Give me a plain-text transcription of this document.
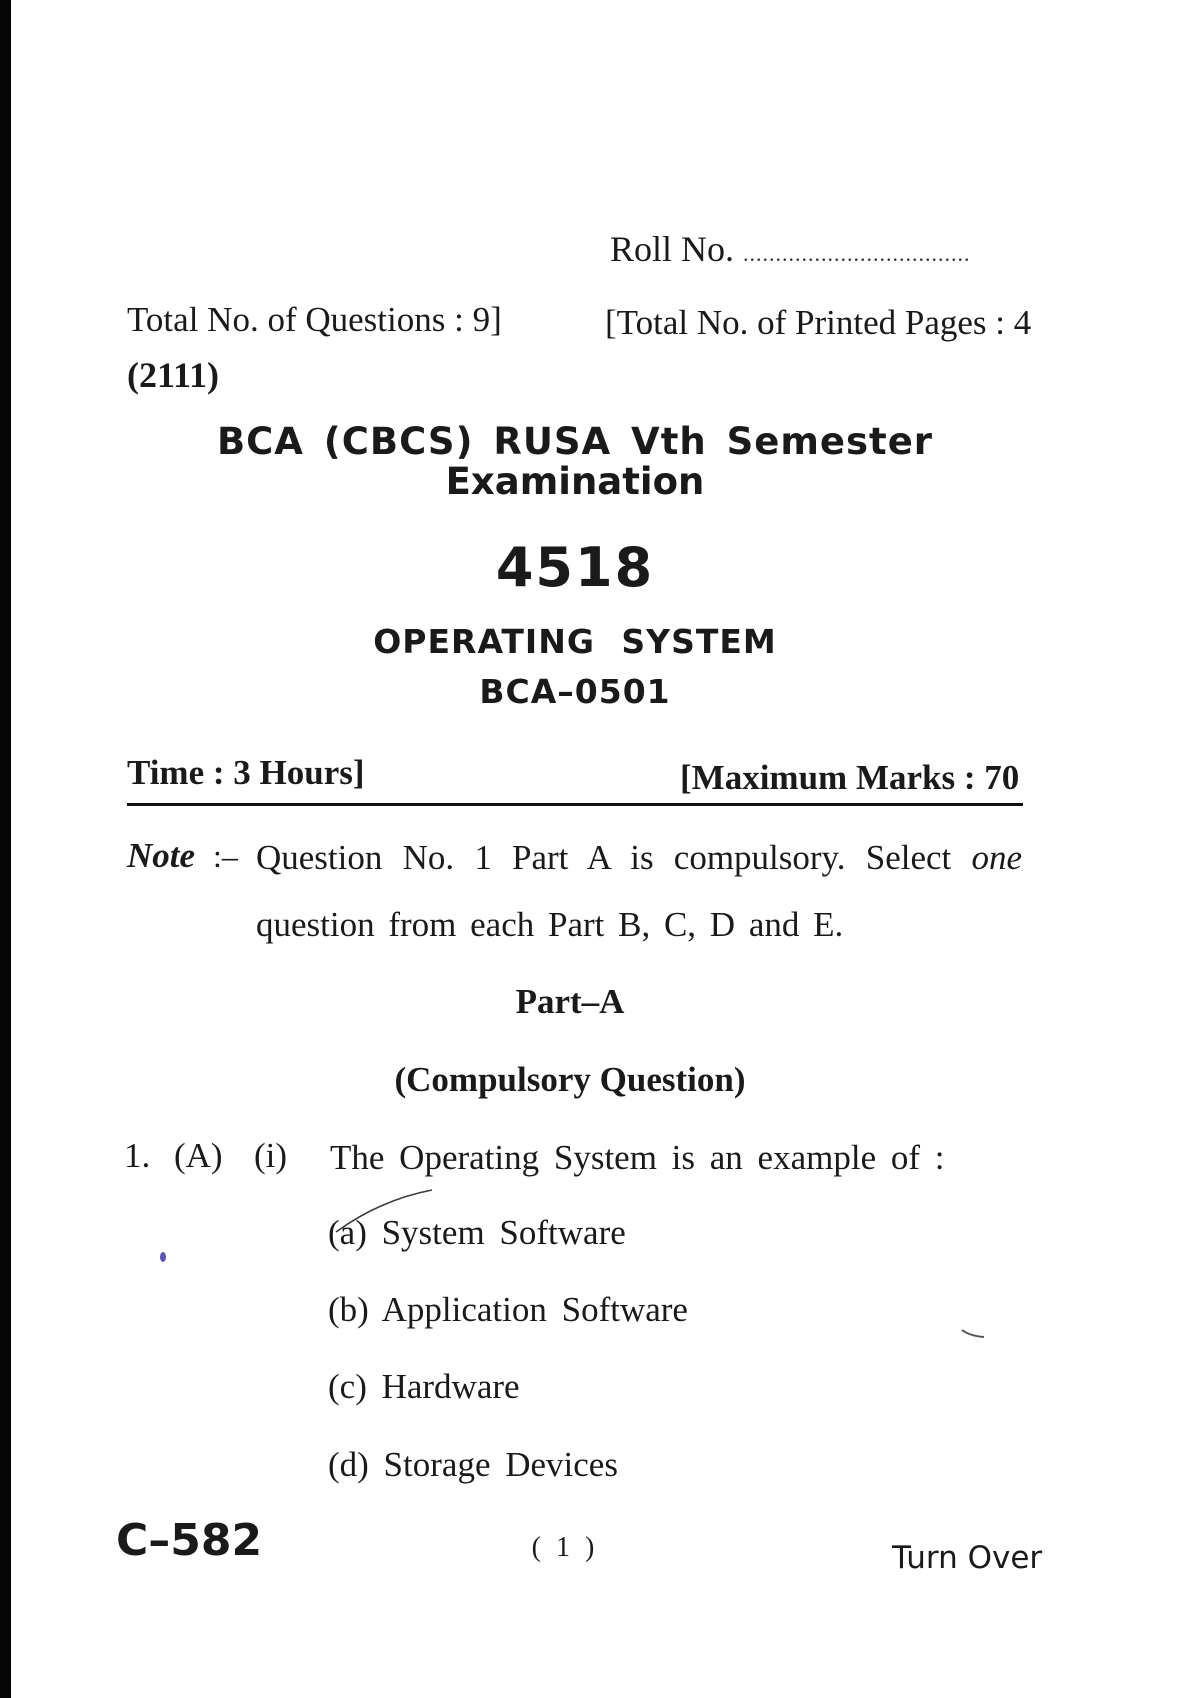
Roll No. ...................................
Total No. of Questions : 9]	[Total No. of Printed Pages : 4
(2111)
BCA (CBCS) RUSA Vth Semester
Examination
4518
OPERATING SYSTEM
BCA–0501
Time : 3 Hours]	[Maximum Marks : 70
Note :– Question No. 1 Part A is compulsory. Select one
question from each Part B, C, D and E.
Part–A
(Compulsory Question)
1. (A) (i) The Operating System is an example of :
(a) System Software
(b) Application Software
(c) Hardware
(d) Storage Devices
C–582	( 1 )	Turn Over
